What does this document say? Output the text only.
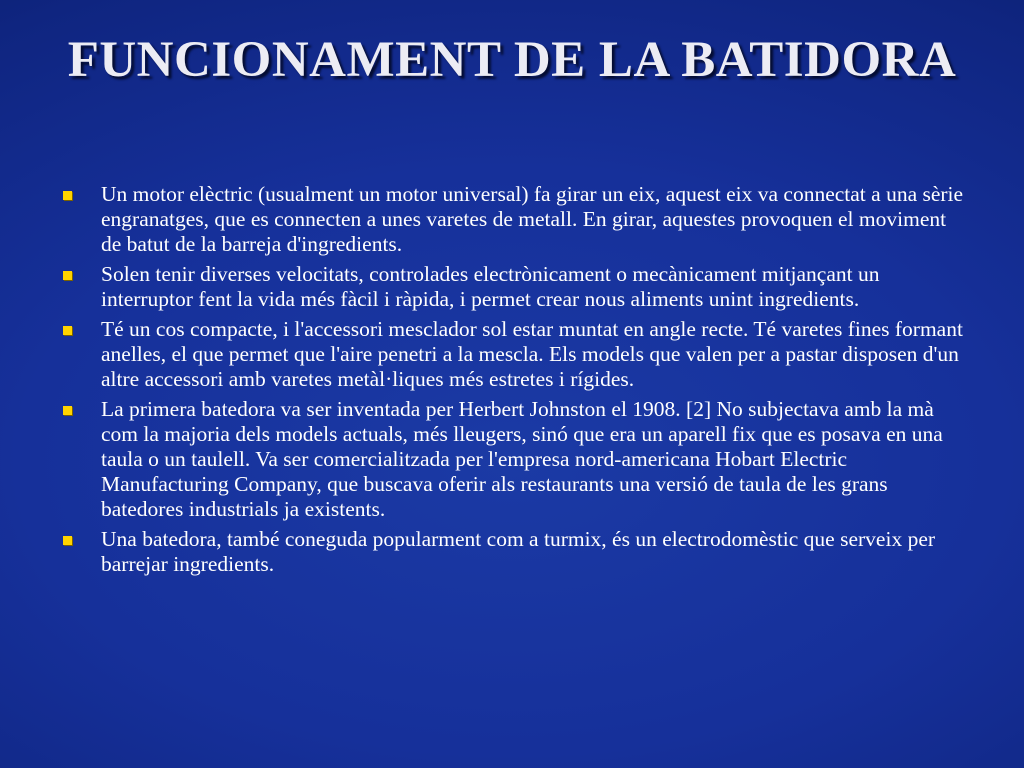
FUNCIONAMENT DE LA BATIDORA
Un motor elèctric (usualment un motor universal) fa girar un eix, aquest eix va connectat a una sèrie engranatges, que es connecten a unes varetes de metall. En girar, aquestes provoquen el moviment de batut de la barreja d'ingredients.
Solen tenir diverses velocitats, controlades electrònicament o mecànicament mitjançant un interruptor fent la vida més fàcil i ràpida, i permet crear nous aliments unint ingredients.
Té un cos compacte, i l'accessori mesclador sol estar muntat en angle recte. Té varetes fines formant anelles, el que permet que l'aire penetri a la mescla. Els models que valen per a pastar disposen d'un altre accessori amb varetes metàl·liques més estretes i rígides.
La primera batedora va ser inventada per Herbert Johnston el 1908. [2] No subjectava amb la mà com la majoria dels models actuals, més lleugers, sinó que era un aparell fix que es posava en una taula o un taulell. Va ser comercialitzada per l'empresa nord-americana Hobart Electric Manufacturing Company, que buscava oferir als restaurants una versió de taula de les grans batedores industrials ja existents.
Una batedora, també coneguda popularment com a turmix, és un electrodomèstic que serveix per barrejar ingredients.
